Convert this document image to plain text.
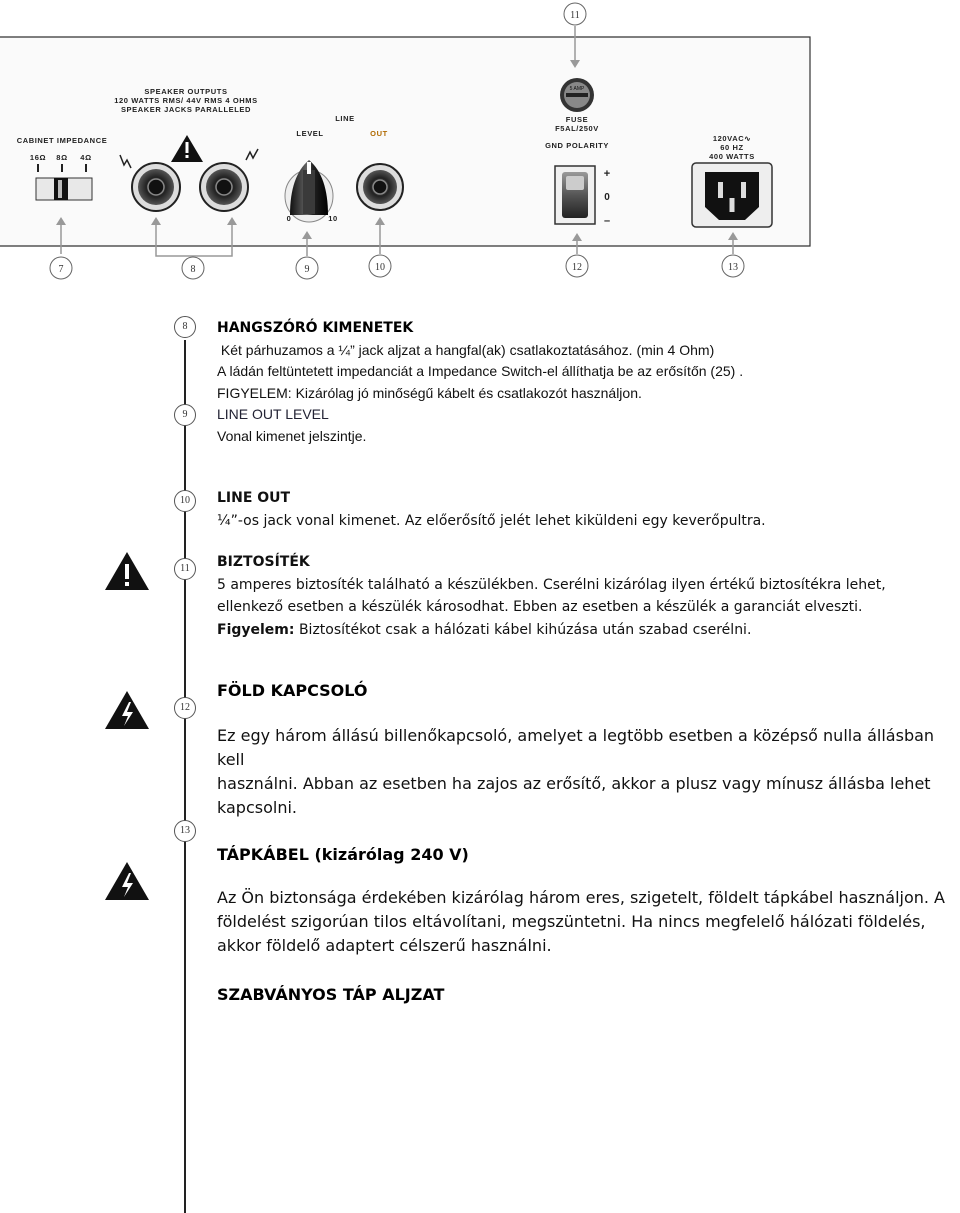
SPEAKER OUTPUTS
120 WATTS RMS/ 44V RMS 4 OHMS
SPEAKER JACKS PARALLELED
CABINET IMPEDANCE
16Ω 8Ω 4Ω
LINE
LEVEL	OUT
0	10
5 AMP
FUSE
F5AL/250V
GND POLARITY
+
0
–
120VAC∿
60 HZ
400 WATTS
11
7	8	9	10	12	13
8
9
10
11
12
13
HANGSZÓRÓ KIMENETEK
Két párhuzamos a ¼” jack aljzat a hangfal(ak) csatlakoztatásához. (min 4 Ohm)
A ládán feltüntetett impedanciát a Impedance Switch-el állíthatja be az erősítőn (25) .
FIGYELEM: Kizárólag jó minőségű kábelt és csatlakozót használjon.
LINE OUT LEVEL
Vonal kimenet jelszintje.
LINE OUT
¼”-os jack vonal kimenet. Az előerősítő jelét lehet kiküldeni egy keverőpultra.
BIZTOSÍTÉK
5 amperes biztosíték található a készülékben. Cserélni kizárólag ilyen értékű biztosítékra lehet,
ellenkező esetben a készülék károsodhat. Ebben az esetben a készülék a garanciát elveszti.
Figyelem: Biztosítékot csak a hálózati kábel kihúzása után szabad cserélni.
FÖLD KAPCSOLÓ
Ez egy három állású billenőkapcsoló, amelyet a legtöbb esetben a középső nulla állásban kell
használni. Abban az esetben ha zajos az erősítő, akkor a plusz vagy mínusz állásba lehet
kapcsolni.
TÁPKÁBEL (kizárólag 240 V)
Az Ön biztonsága érdekében kizárólag három eres, szigetelt, földelt tápkábel használjon. A
földelést szigorúan tilos eltávolítani, megszüntetni. Ha nincs megfelelő hálózati földelés,
akkor földelő adaptert célszerű használni.
SZABVÁNYOS TÁP ALJZAT
